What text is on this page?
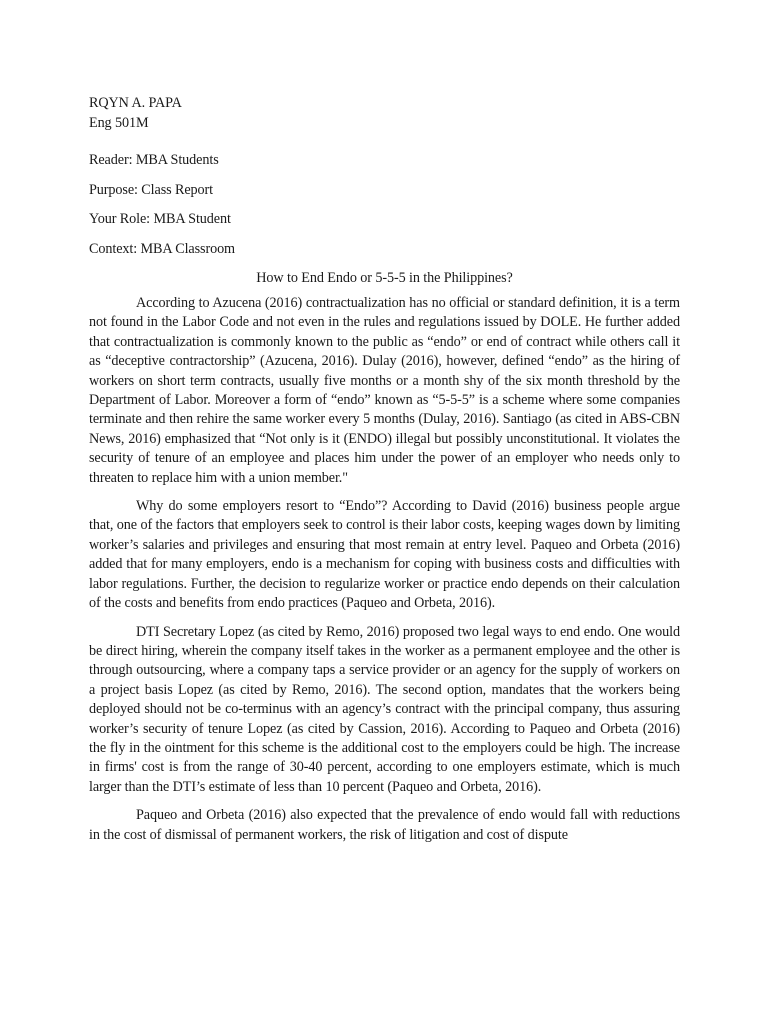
RQYN A. PAPA
Eng 501M
Reader: MBA Students
Purpose: Class Report
Your Role: MBA Student
Context: MBA Classroom
How to End Endo or 5-5-5 in the Philippines?

According to Azucena (2016) contractualization has no official or standard definition, it is a term not found in the Labor Code and not even in the rules and regulations issued by DOLE. He further added that contractualization is commonly known to the public as “endo” or end of contract while others call it as “deceptive contractorship” (Azucena, 2016). Dulay (2016), however, defined “endo” as the hiring of workers on short term contracts, usually five months or a month shy of the six month threshold by the Department of Labor. Moreover a form of “endo” known as “5-5-5” is a scheme where some companies terminate and then rehire the same worker every 5 months (Dulay, 2016). Santiago (as cited in ABS-CBN News, 2016) emphasized that “Not only is it (ENDO) illegal but possibly unconstitutional. It violates the security of tenure of an employee and places him under the power of an employer who needs only to threaten to replace him with a union member."

Why do some employers resort to “Endo”? According to David (2016) business people argue that, one of the factors that employers seek to control is their labor costs, keeping wages down by limiting worker’s salaries and privileges and ensuring that most remain at entry level. Paqueo and Orbeta (2016) added that for many employers, endo is a mechanism for coping with business costs and difficulties with labor regulations. Further, the decision to regularize worker or practice endo depends on their calculation of the costs and benefits from endo practices (Paqueo and Orbeta, 2016).

DTI Secretary Lopez (as cited by Remo, 2016) proposed two legal ways to end endo. One would be direct hiring, wherein the company itself takes in the worker as a permanent employee and the other is through outsourcing, where a company taps a service provider or an agency for the supply of workers on a project basis Lopez (as cited by Remo, 2016). The second option, mandates that the workers being deployed should not be co-terminus with an agency’s contract with the principal company, thus assuring worker’s security of tenure Lopez (as cited by Cassion, 2016). According to Paqueo and Orbeta (2016) the fly in the ointment for this scheme is the additional cost to the employers could be high. The increase in firms' cost is from the range of 30-40 percent, according to one employers estimate, which is much larger than the DTI’s estimate of less than 10 percent (Paqueo and Orbeta, 2016).

Paqueo and Orbeta (2016) also expected that the prevalence of endo would fall with reductions in the cost of dismissal of permanent workers, the risk of litigation and cost of dispute
